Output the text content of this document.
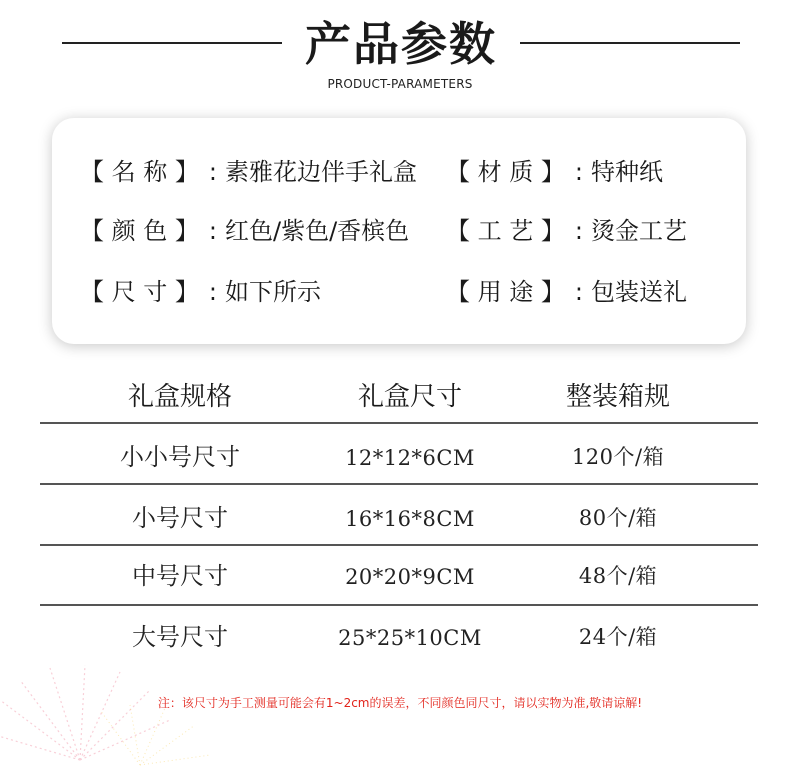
产品参数
PRODUCT-PARAMETERS
【 名 称 】 : 素雅花边伴手礼盒 【 材 质 】 : 特种纸
【 颜 色 】 : 红色/紫色/香槟色 【 工 艺 】 : 烫金工艺
【 尺 寸 】 : 如下所示	【 用 途 】 : 包装送礼
礼盒规格	礼盒尺寸	整装箱规
小小号尺寸	12*12*6CM	120个/箱
小号尺寸	16*16*8CM	80个/箱
中号尺寸	20*20*9CM	48个/箱
大号尺寸	25*25*10CM	24个/箱
注：该尺寸为手工测量可能会有1~2cm的误差，不同颜色同尺寸，请以实物为准,敬请谅解!
